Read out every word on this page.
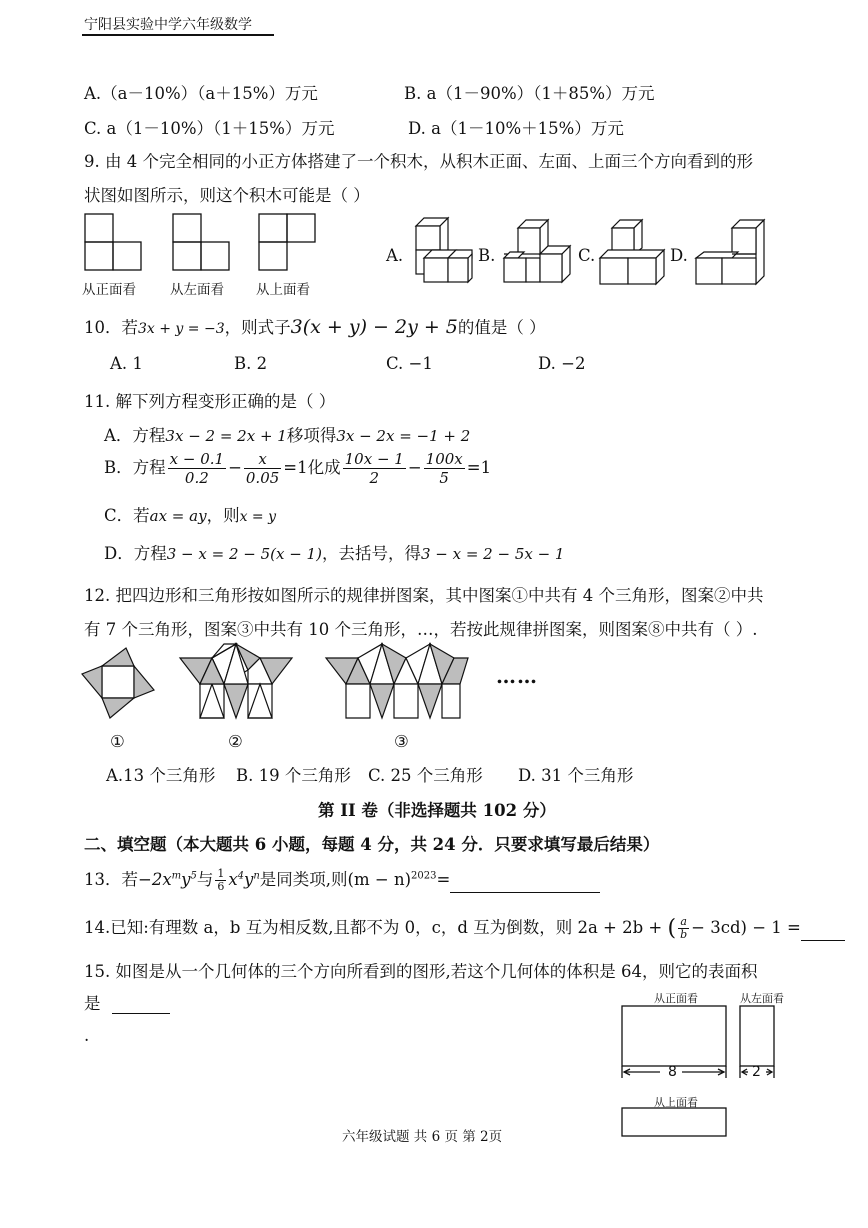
宁阳县实验中学六年级数学
A.（a－10%）（a＋15%）万元	B. a（1－90%）（1＋85%）万元
C. a（1－10%）（1＋15%）万元	D. a（1－10%＋15%）万元
9. 由 4 个完全相同的小正方体搭建了一个积木，从积木正面、左面、上面三个方向看到的形
状图如图所示，则这个积木可能是（ ）
从正面看	从左面看 从上面看
A.	B.	C.	D.
10．若3x + y = −3，则式子3(x + y) − 2y + 5的值是（ ）
A. 1	B. 2	C. −1	D. −2
11. 解下列方程变形正确的是（ ）
A．方程3x − 2 = 2x + 1移项得3x − 2x = −1 + 2
B．方程 $\frac{x - 0.1}{0.2} - \frac{x}{0.05} =1$化成 $\frac{10x - 1}{2} - \frac{100x}{5} =1$
C．若ax = ay，则x = y
D．方程3 − x = 2 − 5(x − 1)，去括号，得3 − x = 2 − 5x − 1
12. 把四边形和三角形按如图所示的规律拼图案，其中图案①中共有 4 个三角形，图案②中共
有 7 个三角形，图案③中共有 10 个三角形，…，若按此规律拼图案，则图案⑧中共有（ ）.
……
①	②	③
A.13 个三角形 B. 19 个三角形 C. 25 个三角形 D. 31 个三角形
第 II 卷（非选择题共 102 分）
二、填空题（本大题共 6 小题，每题 4 分，共 24 分．只要求填写最后结果）
13．若$-2x^my^5$与 $\frac{1}{6} x^4y^n$是同类项,则$(m - n)^{2023}=$
14.已知:有理数 a，b 互为相反数,且都不为 0，c，d 互为倒数，则 2a + 2b + ( $\frac{a}{b} - 3cd) - 1$ =
15. 如图是从一个几何体的三个方向所看到的图形,若这个几何体的体积是 64，则它的表面积
是
.
从正面看	从左面看
8	2
从上面看
六年级试题 共 6 页 第 2页
